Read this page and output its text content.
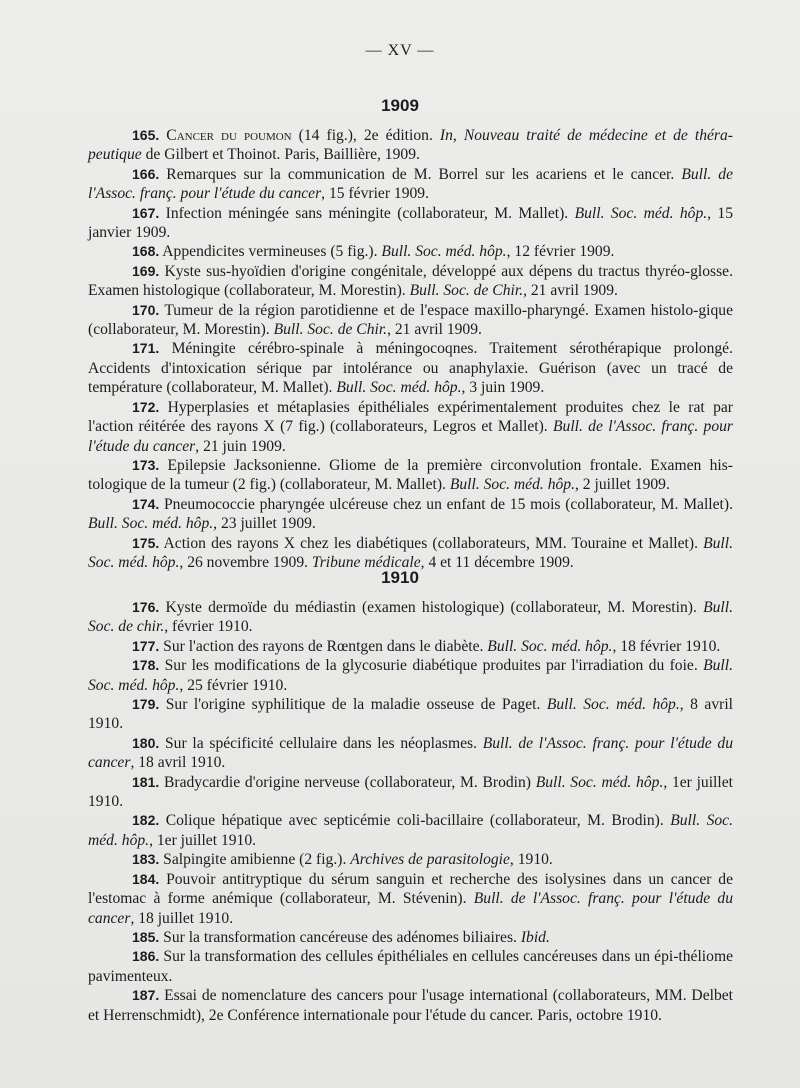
— XV —
1909

165. Cancer du poumon (14 fig.), 2e édition. In, Nouveau traité de médecine et de théra-peutique de Gilbert et Thoinot. Paris, Baillière, 1909.

166. Remarques sur la communication de M. Borrel sur les acariens et le cancer. Bull. de l'Assoc. franç. pour l'étude du cancer, 15 février 1909.

167. Infection méningée sans méningite (collaborateur, M. Mallet). Bull. Soc. méd. hôp., 15 janvier 1909.

168. Appendicites vermineuses (5 fig.). Bull. Soc. méd. hôp., 12 février 1909.

169. Kyste sus-hyoïdien d'origine congénitale, développé aux dépens du tractus thyréo-glosse. Examen histologique (collaborateur, M. Morestin). Bull. Soc. de Chir., 21 avril 1909.

170. Tumeur de la région parotidienne et de l'espace maxillo-pharyngé. Examen histolo-gique (collaborateur, M. Morestin). Bull. Soc. de Chir., 21 avril 1909.

171. Méningite cérébro-spinale à méningocoqnes. Traitement sérothérapique prolongé. Accidents d'intoxication sérique par intolérance ou anaphylaxie. Guérison (avec un tracé de température (collaborateur, M. Mallet). Bull. Soc. méd. hôp., 3 juin 1909.

172. Hyperplasies et métaplasies épithéliales expérimentalement produites chez le rat par l'action réitérée des rayons X (7 fig.) (collaborateurs, Legros et Mallet). Bull. de l'Assoc. franç. pour l'étude du cancer, 21 juin 1909.

173. Epilepsie Jacksonienne. Gliome de la première circonvolution frontale. Examen his-tologique de la tumeur (2 fig.) (collaborateur, M. Mallet). Bull. Soc. méd. hôp., 2 juillet 1909.

174. Pneumococcie pharyngée ulcéreuse chez un enfant de 15 mois (collaborateur, M. Mallet). Bull. Soc. méd. hôp., 23 juillet 1909.

175. Action des rayons X chez les diabétiques (collaborateurs, MM. Touraine et Mallet). Bull. Soc. méd. hôp., 26 novembre 1909. Tribune médicale, 4 et 11 décembre 1909.

1910

176. Kyste dermoïde du médiastin (examen histologique) (collaborateur, M. Morestin). Bull. Soc. de chir., février 1910.

177. Sur l'action des rayons de Rœntgen dans le diabète. Bull. Soc. méd. hôp., 18 février 1910.

178. Sur les modifications de la glycosurie diabétique produites par l'irradiation du foie. Bull. Soc. méd. hôp., 25 février 1910.

179. Sur l'origine syphilitique de la maladie osseuse de Paget. Bull. Soc. méd. hôp., 8 avril 1910.

180. Sur la spécificité cellulaire dans les néoplasmes. Bull. de l'Assoc. franç. pour l'étude du cancer, 18 avril 1910.

181. Bradycardie d'origine nerveuse (collaborateur, M. Brodin) Bull. Soc. méd. hôp., 1er juillet 1910.

182. Colique hépatique avec septicémie coli-bacillaire (collaborateur, M. Brodin). Bull. Soc. méd. hôp., 1er juillet 1910.

183. Salpingite amibienne (2 fig.). Archives de parasitologie, 1910.

184. Pouvoir antitryptique du sérum sanguin et recherche des isolysines dans un cancer de l'estomac à forme anémique (collaborateur, M. Stévenin). Bull. de l'Assoc. franç. pour l'étude du cancer, 18 juillet 1910.

185. Sur la transformation cancéreuse des adénomes biliaires. Ibid.

186. Sur la transformation des cellules épithéliales en cellules cancéreuses dans un épi-théliome pavimenteux.

187. Essai de nomenclature des cancers pour l'usage international (collaborateurs, MM. Delbet et Herrenschmidt), 2e Conférence internationale pour l'étude du cancer. Paris, octobre 1910.
